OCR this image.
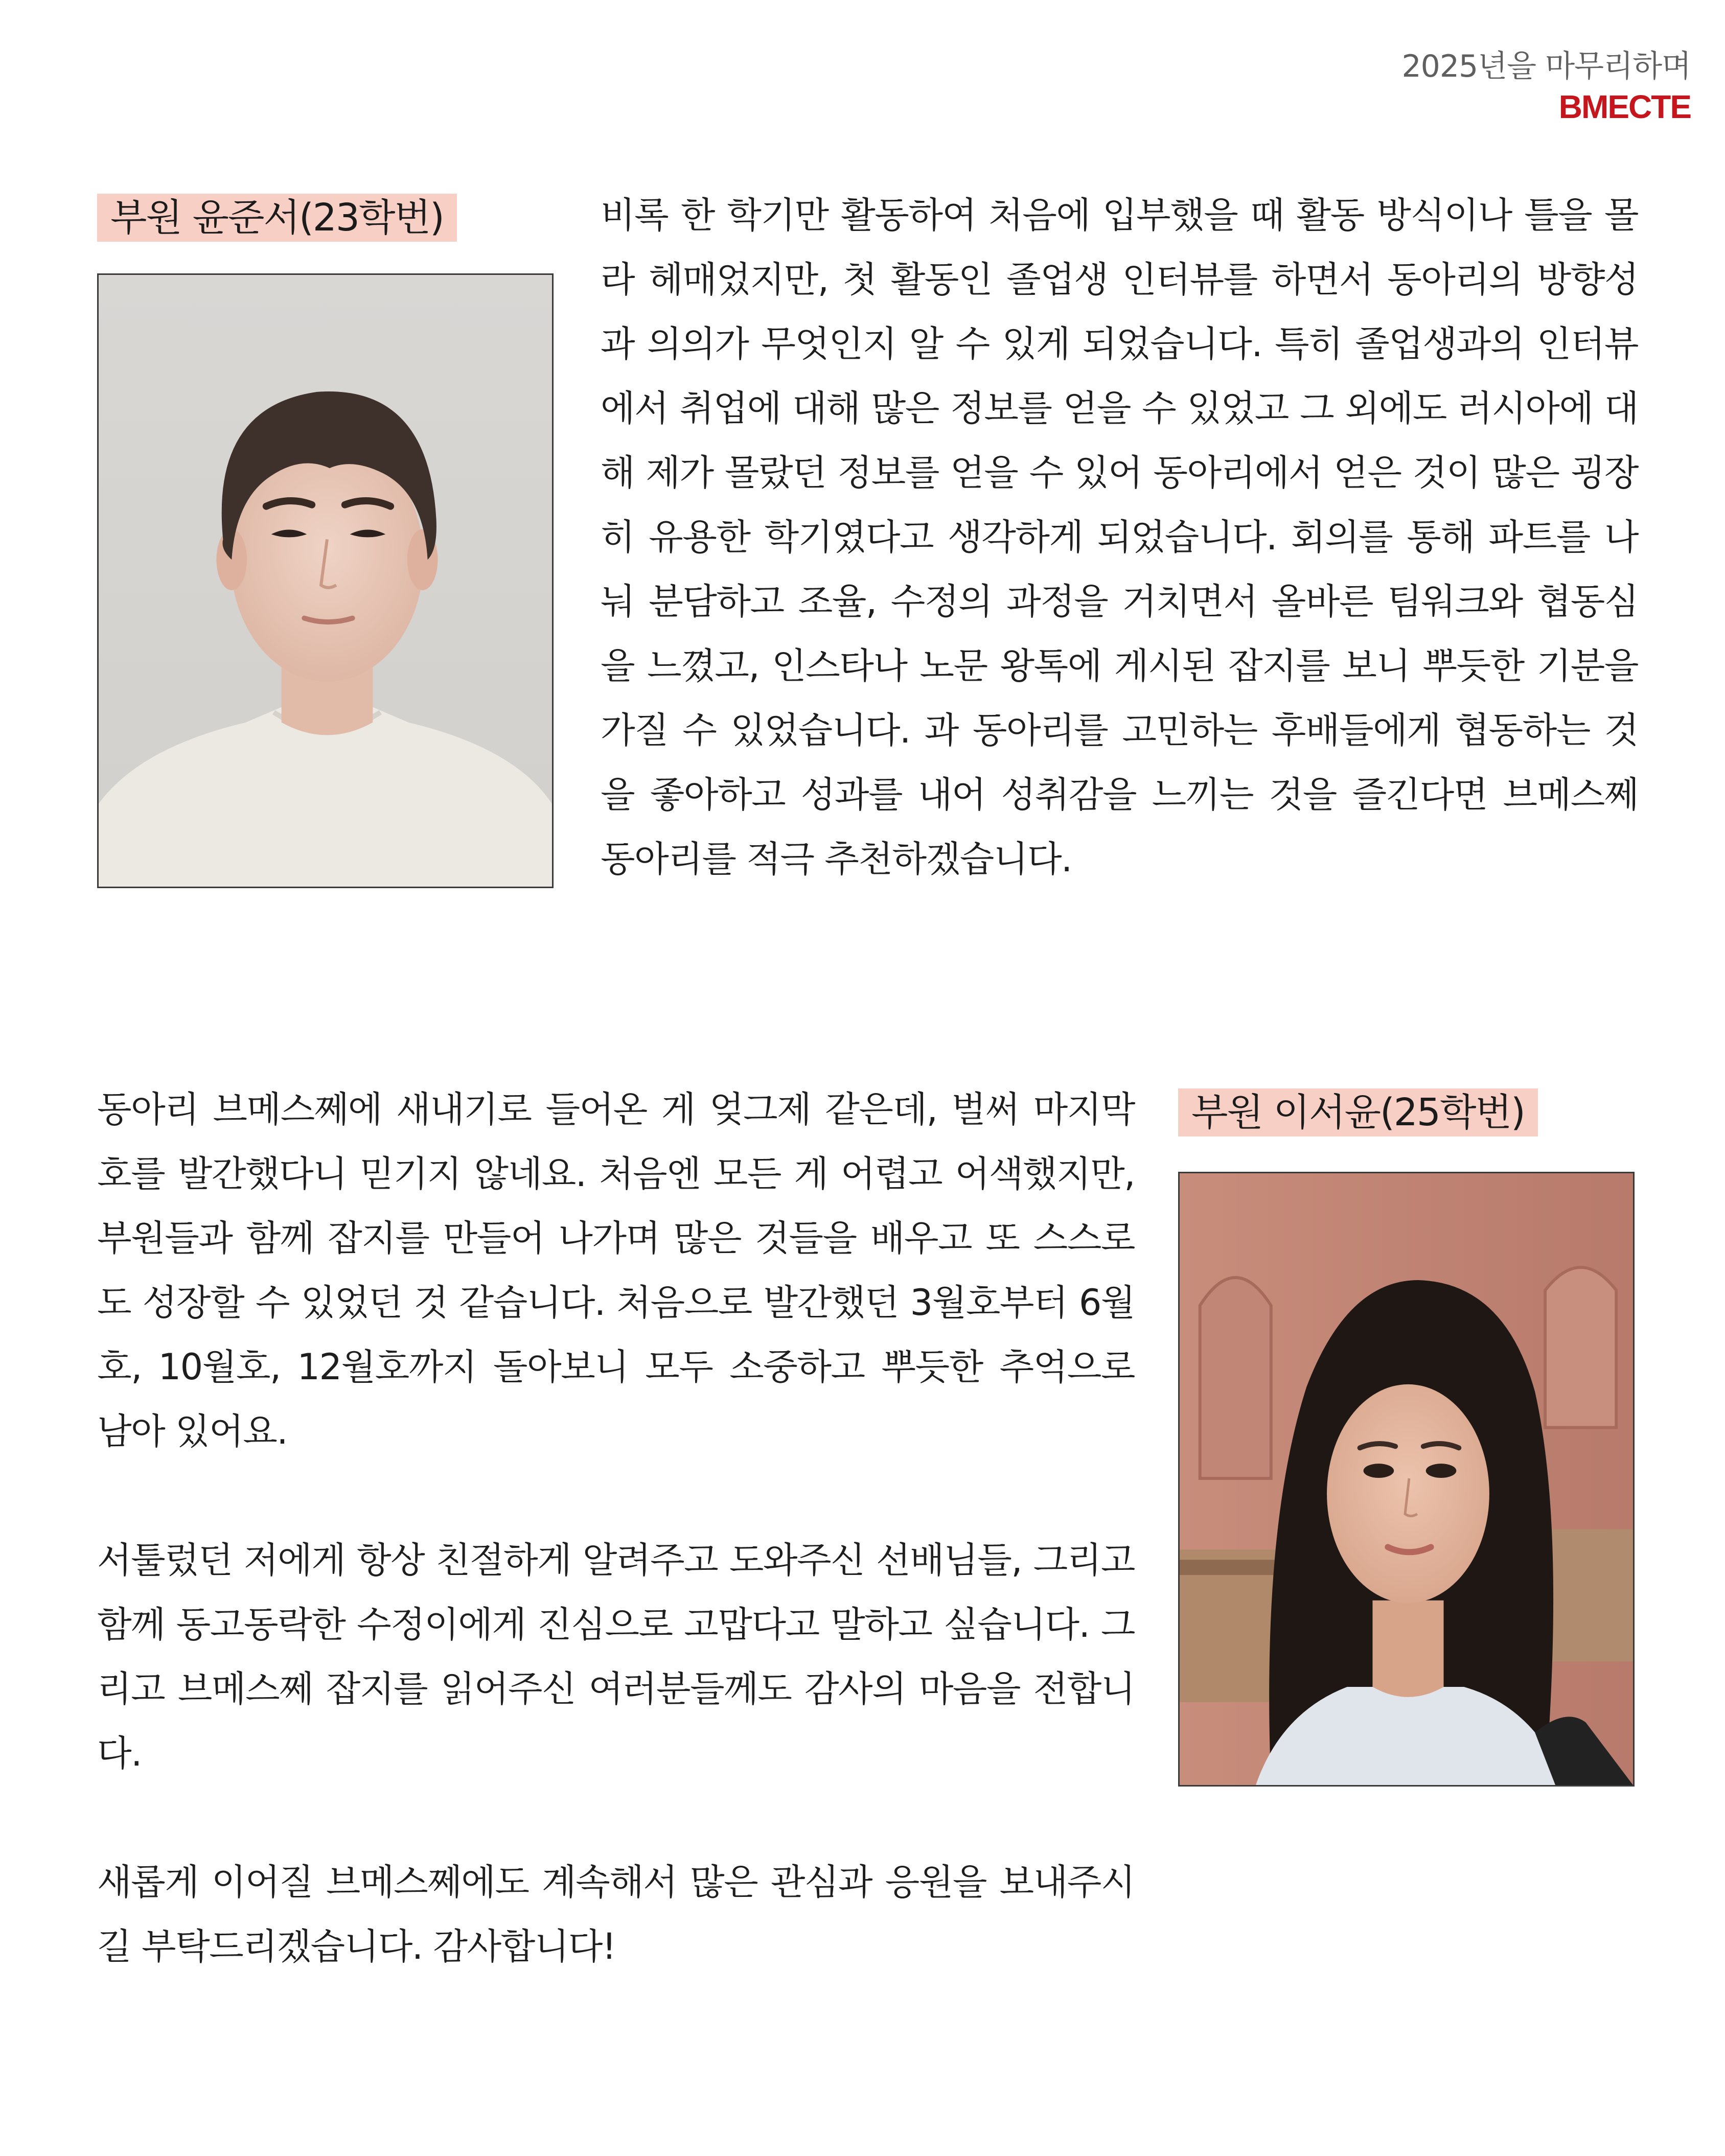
2025년을 마무리하며
BMECTE
부원 윤준서(23학번)	비록 한 학기만 활동하여 처음에 입부했을 때 활동 방식이나 틀을 몰라 헤매었지만, 첫 활동인 졸업생 인터뷰를 하면서 동아리의 방향성과 의의가 무엇인지 알 수 있게 되었습니다. 특히 졸업생과의 인터뷰에서 취업에 대해 많은 정보를 얻을 수 있었고 그 외에도 러시아에 대해 제가 몰랐던 정보를 얻을 수 있어 동아리에서 얻은 것이 많은 굉장히 유용한 학기였다고 생각하게 되었습니다. 회의를 통해 파트를 나눠 분담하고 조율, 수정의 과정을 거치면서 올바른 팀워크와 협동심을 느꼈고, 인스타나 노문 왕톡에 게시된 잡지를 보니 뿌듯한 기분을 가질 수 있었습니다. 과 동아리를 고민하는 후배들에게 협동하는 것을 좋아하고 성과를 내어 성취감을 느끼는 것을 즐긴다면 브메스쩨 동아리를 적극 추천하겠습니다.

동아리 브메스쩨에 새내기로 들어온 게 엊그제 같은데, 벌써 마지막 호를 발간했다니 믿기지 않네요. 처음엔 모든 게 어렵고 어색했지만, 부원들과 함께 잡지를 만들어 나가며 많은 것들을 배우고 또 스스로도 성장할 수 있었던 것 같습니다. 처음으로 발간했던 3월호부터 6월호, 10월호, 12월호까지 돌아보니 모두 소중하고 뿌듯한 추억으로 남아 있어요.

서툴렀던 저에게 항상 친절하게 알려주고 도와주신 선배님들, 그리고 함께 동고동락한 수정이에게 진심으로 고맙다고 말하고 싶습니다. 그리고 브메스쩨 잡지를 읽어주신 여러분들께도 감사의 마음을 전합니다.

새롭게 이어질 브메스쩨에도 계속해서 많은 관심과 응원을 보내주시길 부탁드리겠습니다. 감사합니다!

부원 이서윤(25학번)
